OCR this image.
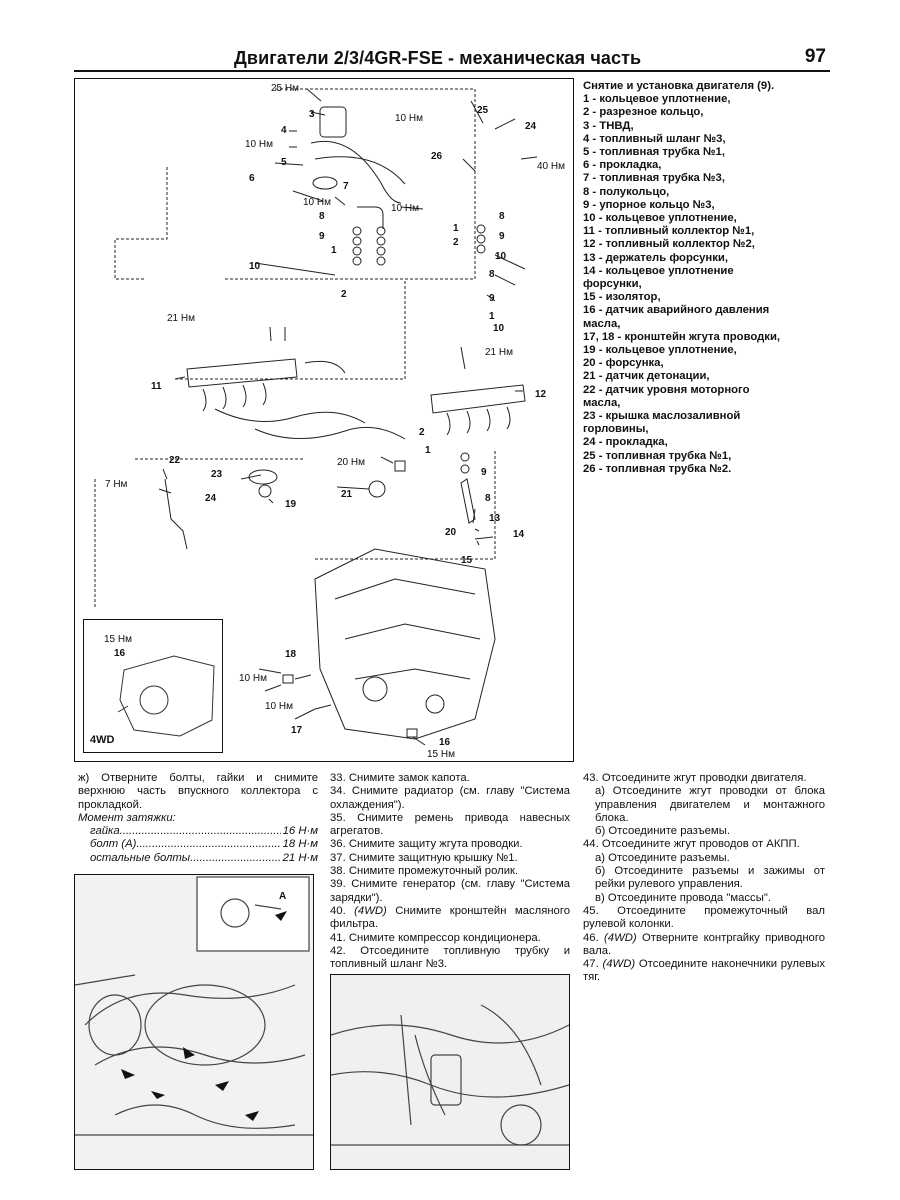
Двигатели 2/3/4GR-FSE - механическая часть	97
25 Нм
3	10 Нм
4
10 Нм
5
6
7
25
24
26
40 Нм
10 Нм
10 Нм
8
9
1
10
2
8
1
2
9
10
8
9
1
10
21 Нм
11
21 Нм
12
2
1
20 Нм
9
8
13
20	14
15
22
23
7 Нм
24
19
21
18
10 Нм
10 Нм
17
16
15 Нм
15 Нм
16
4WD
Снятие и установка двигателя (9).
1 - кольцевое уплотнение,
2 - разрезное кольцо,
3 - ТНВД,
4 - топливный шланг №3,
5 - топливная трубка №1,
6 - прокладка,
7 - топливная трубка №3,
8 - полукольцо,
9 - упорное кольцо №3,
10 - кольцевое уплотнение,
11 - топливный коллектор №1,
12 - топливный коллектор №2,
13 - держатель форсунки,
14 - кольцевое уплотнение
форсунки,
15 - изолятор,
16 - датчик аварийного давления
масла,
17, 18 - кронштейн жгута проводки,
19 - кольцевое уплотнение,
20 - форсунка,
21 - датчик детонации,
22 - датчик уровня моторного
масла,
23 - крышка маслозаливной
горловины,
24 - прокладка,
25 - топливная трубка №1,
26 - топливная трубка №2.

ж) Отверните болты, гайки и снимите верхнюю часть впускного коллектора с прокладкой.

Момент затяжки:

гайка .....	16 Н·м
болт (А) .....	18 Н·м
остальные болты .....	21 Н·м
A

33. Снимите замок капота.

34. Снимите радиатор (см. главу "Система охлаждения").

35. Снимите ремень привода навесных агрегатов.

36. Снимите защиту жгута проводки.

37. Снимите защитную крышку №1.

38. Снимите промежуточный ролик.

39. Снимите генератор (см. главу "Система зарядки").

40. (4WD) Снимите кронштейн масляного фильтра.

41. Снимите компрессор кондиционера.

42. Отсоедините топливную трубку и топливный шланг №3.

43. Отсоедините жгут проводки двигателя.

а) Отсоедините жгут проводки от блока управления двигателем и монтажного блока.

б) Отсоедините разъемы.

44. Отсоедините жгут проводов от АКПП.

а) Отсоедините разъемы.

б) Отсоедините разъемы и зажимы от рейки рулевого управления.

в) Отсоедините провода "массы".

45. Отсоедините промежуточный вал рулевой колонки.

46. (4WD) Отверните контргайку приводного вала.

47. (4WD) Отсоедините наконечники рулевых тяг.
